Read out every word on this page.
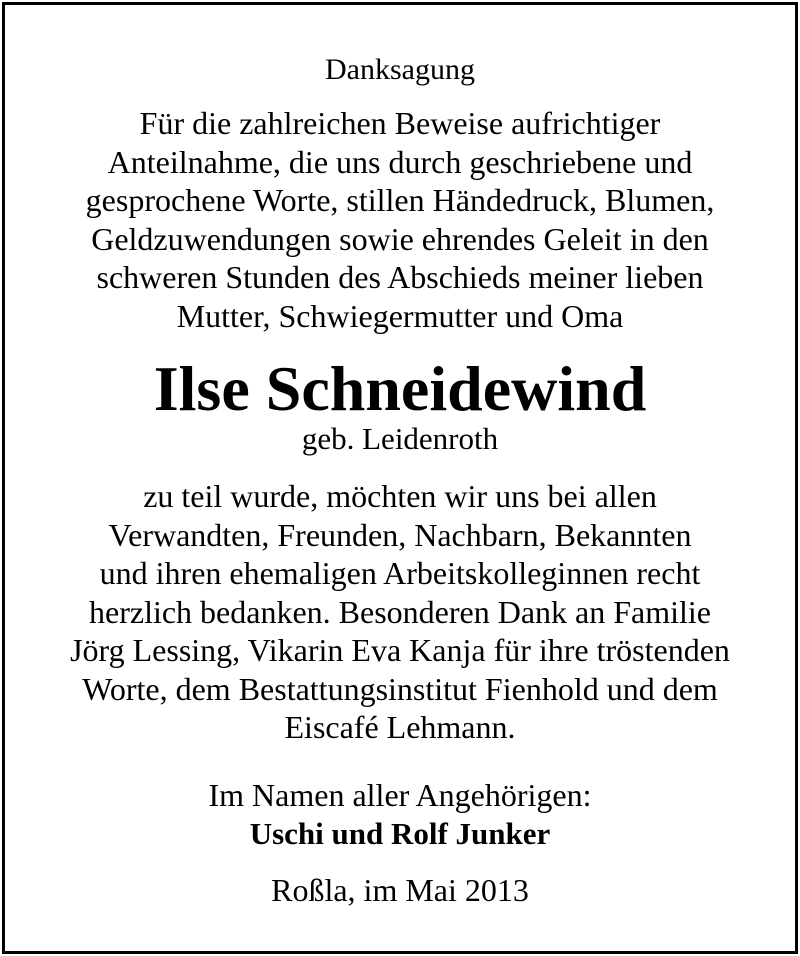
Danksagung
Für die zahlreichen Beweise aufrichtiger
Anteilnahme, die uns durch geschriebene und
gesprochene Worte, stillen Händedruck, Blumen,
Geldzuwendungen sowie ehrendes Geleit in den
schweren Stunden des Abschieds meiner lieben
Mutter, Schwiegermutter und Oma
Ilse Schneidewind
geb. Leidenroth
zu teil wurde, möchten wir uns bei allen
Verwandten, Freunden, Nachbarn, Bekannten
und ihren ehemaligen Arbeitskolleginnen recht
herzlich bedanken. Besonderen Dank an Familie
Jörg Lessing, Vikarin Eva Kanja für ihre tröstenden
Worte, dem Bestattungsinstitut Fienhold und dem
Eiscafé Lehmann.
Im Namen aller Angehörigen:
Uschi und Rolf Junker
Roßla, im Mai 2013
